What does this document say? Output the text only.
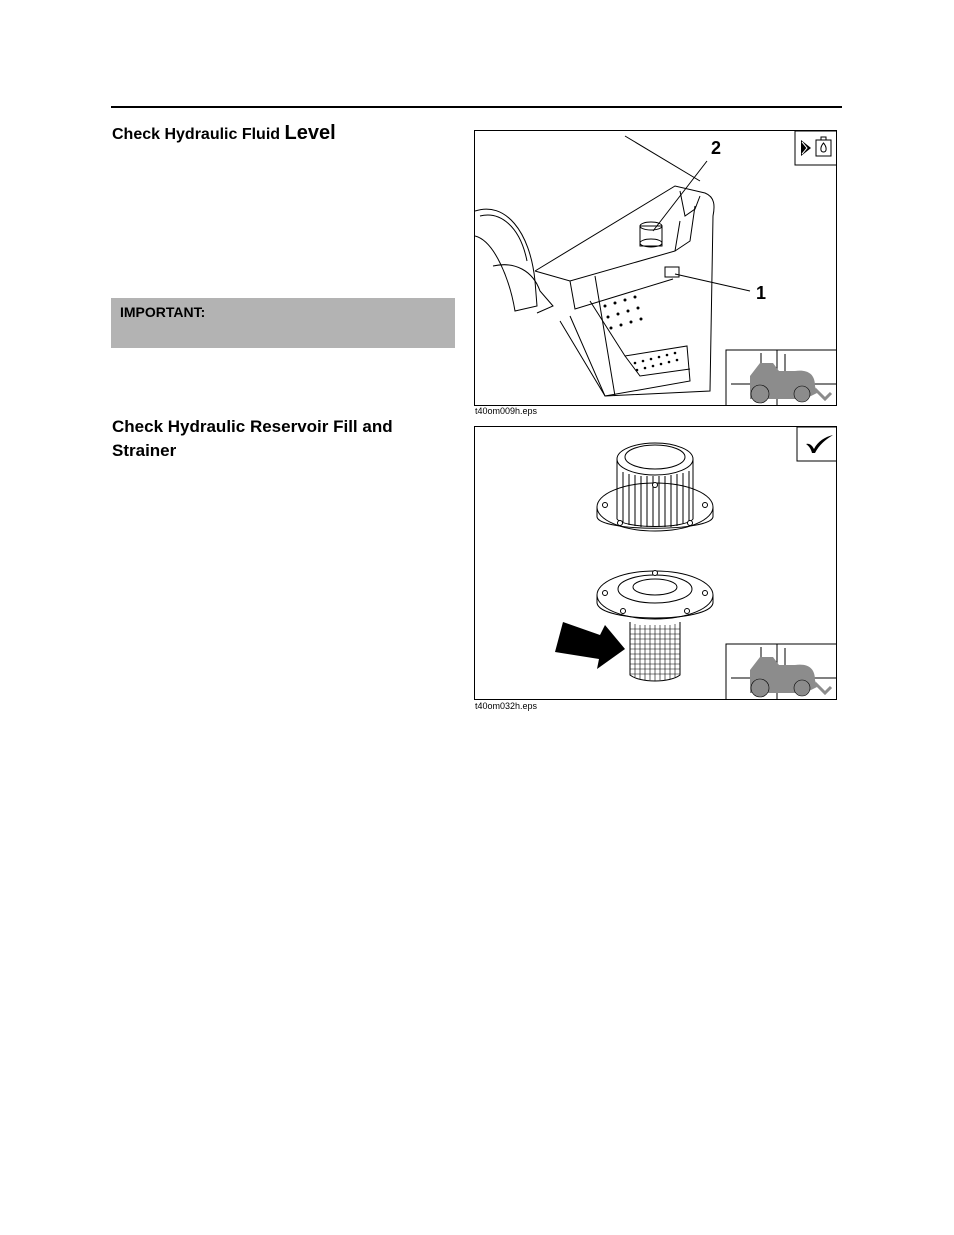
Check Hydraulic Fluid Level
IMPORTANT:
Check Hydraulic Reservoir Fill and Strainer
2
1
t40om009h.eps
t40om032h.eps
